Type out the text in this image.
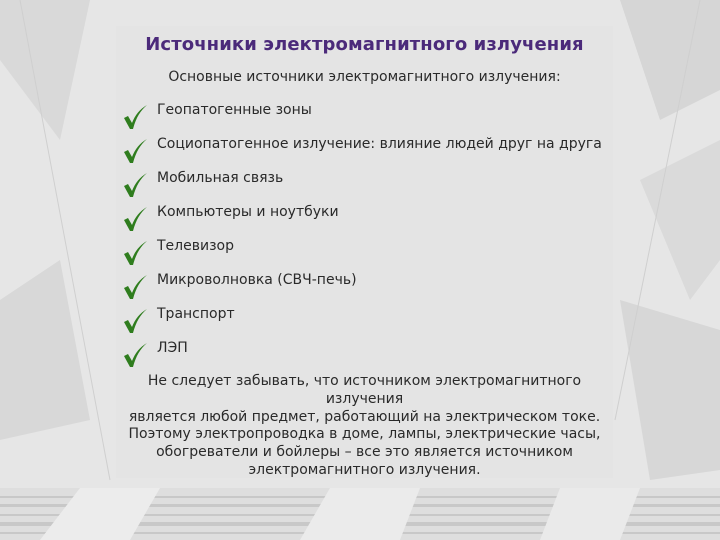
Источники электромагнитного излучения
Основные источники электромагнитного излучения:
Геопатогенные зоны
Социопатогенное излучение: влияние людей друг на друга
Мобильная связь
Компьютеры и ноутбуки
Телевизор
Микроволновка (СВЧ-печь)
Транспорт
ЛЭП
Не следует забывать, что источником электромагнитного излучения
является любой предмет, работающий на электрическом токе.
Поэтому электропроводка в доме, лампы, электрические часы,
обогреватели и бойлеры – все это является источником
электромагнитного излучения.
